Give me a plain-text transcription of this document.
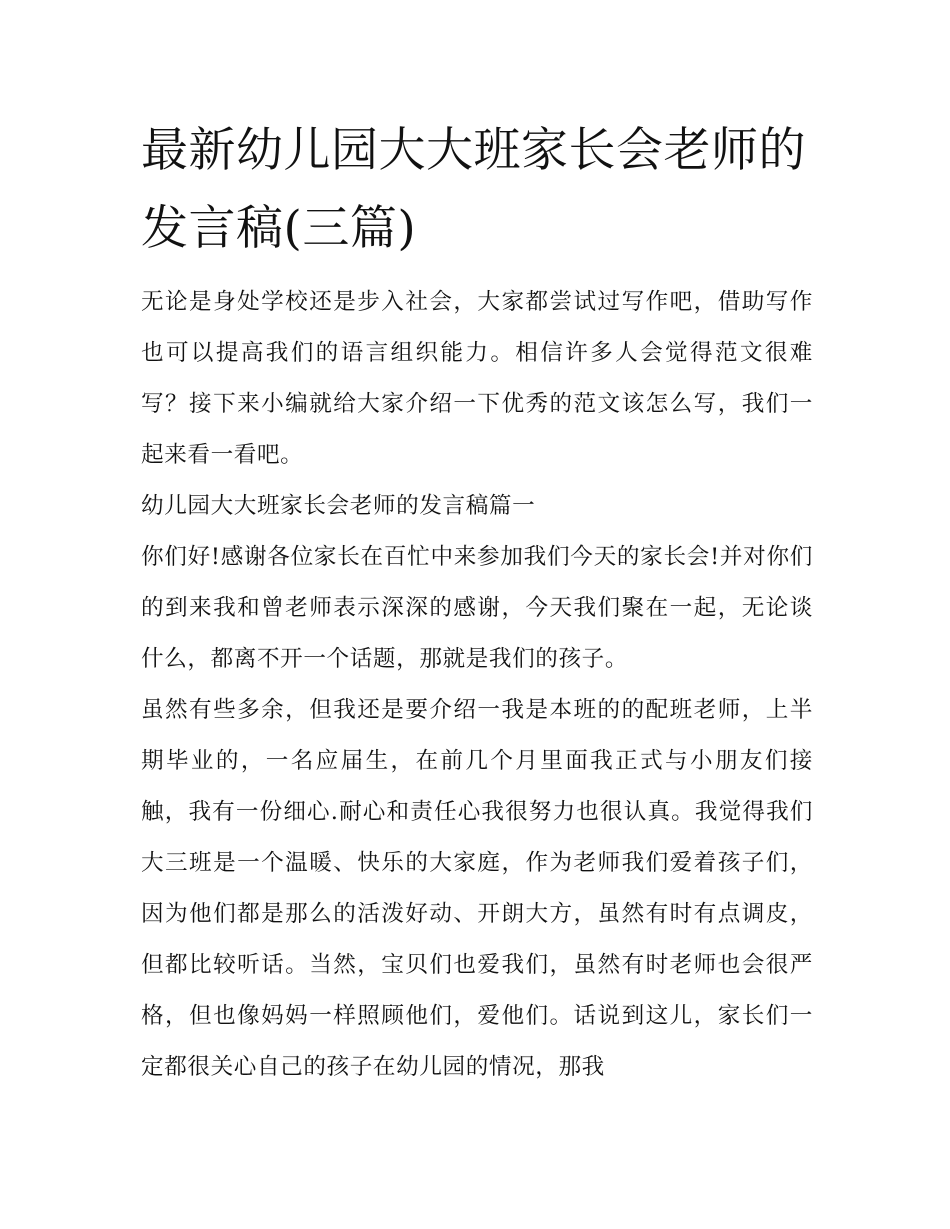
最新幼儿园大大班家长会老师的发言稿(三篇)

无论是身处学校还是步入社会，大家都尝试过写作吧，借助写作也可以提高我们的语言组织能力。相信许多人会觉得范文很难写？接下来小编就给大家介绍一下优秀的范文该怎么写，我们一起来看一看吧。

幼儿园大大班家长会老师的发言稿篇一

你们好!感谢各位家长在百忙中来参加我们今天的家长会!并对你们的到来我和曾老师表示深深的感谢，今天我们聚在一起，无论谈什么，都离不开一个话题，那就是我们的孩子。

虽然有些多余，但我还是要介绍一我是本班的的配班老师，上半期毕业的，一名应届生，在前几个月里面我正式与小朋友们接触，我有一份细心.耐心和责任心我很努力也很认真。我觉得我们大三班是一个温暖、快乐的大家庭，作为老师我们爱着孩子们，因为他们都是那么的活泼好动、开朗大方，虽然有时有点调皮，但都比较听话。当然，宝贝们也爱我们，虽然有时老师也会很严格，但也像妈妈一样照顾他们，爱他们。话说到这儿，家长们一定都很关心自己的孩子在幼儿园的情况，那我
